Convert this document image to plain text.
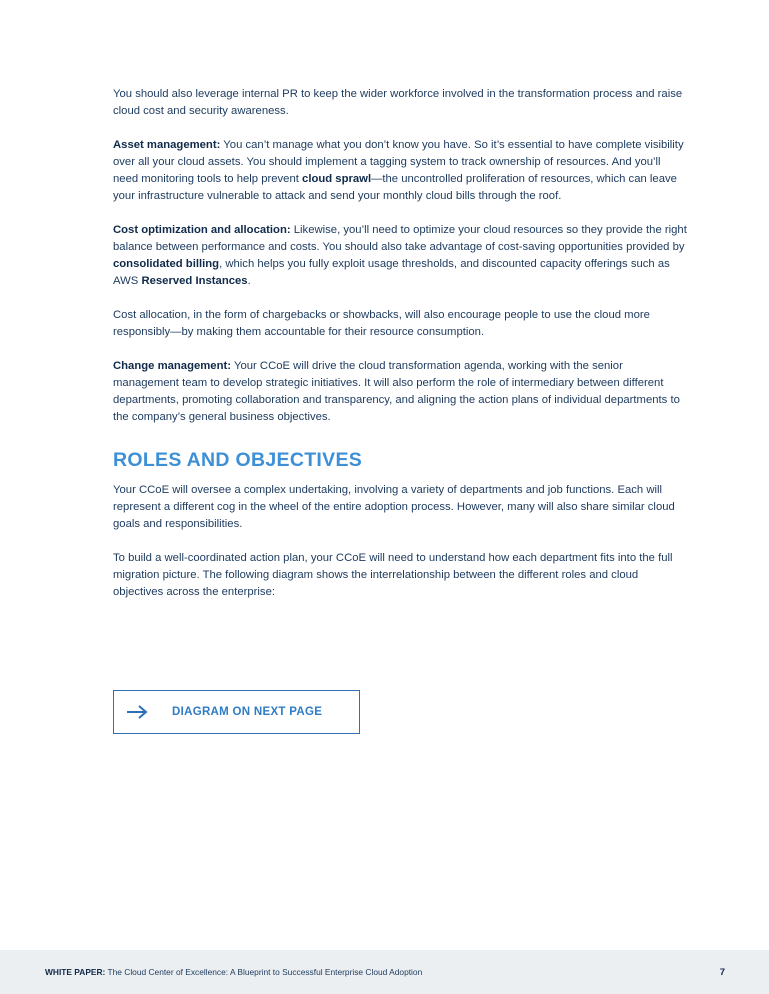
You should also leverage internal PR to keep the wider workforce involved in the transformation process and raise cloud cost and security awareness.

Asset management: You can’t manage what you don’t know you have. So it’s essential to have complete visibility over all your cloud assets. You should implement a tagging system to track ownership of resources. And you’ll need monitoring tools to help prevent cloud sprawl—the uncontrolled proliferation of resources, which can leave your infrastructure vulnerable to attack and send your monthly cloud bills through the roof.

Cost optimization and allocation: Likewise, you’ll need to optimize your cloud resources so they provide the right balance between performance and costs. You should also take advantage of cost-saving opportunities provided by consolidated billing, which helps you fully exploit usage thresholds, and discounted capacity offerings such as AWS Reserved Instances.

Cost allocation, in the form of chargebacks or showbacks, will also encourage people to use the cloud more responsibly—by making them accountable for their resource consumption.

Change management: Your CCoE will drive the cloud transformation agenda, working with the senior management team to develop strategic initiatives. It will also perform the role of intermediary between different departments, promoting collaboration and transparency, and aligning the action plans of individual departments to the company’s general business objectives.

ROLES AND OBJECTIVES

Your CCoE will oversee a complex undertaking, involving a variety of departments and job functions. Each will represent a different cog in the wheel of the entire adoption process. However, many will also share similar cloud goals and responsibilities.

To build a well-coordinated action plan, your CCoE will need to understand how each department fits into the full migration picture. The following diagram shows the interrelationship between the different roles and cloud objectives across the enterprise:

DIAGRAM ON NEXT PAGE
WHITE PAPER: The Cloud Center of Excellence: A Blueprint to Successful Enterprise Cloud Adoption	7
